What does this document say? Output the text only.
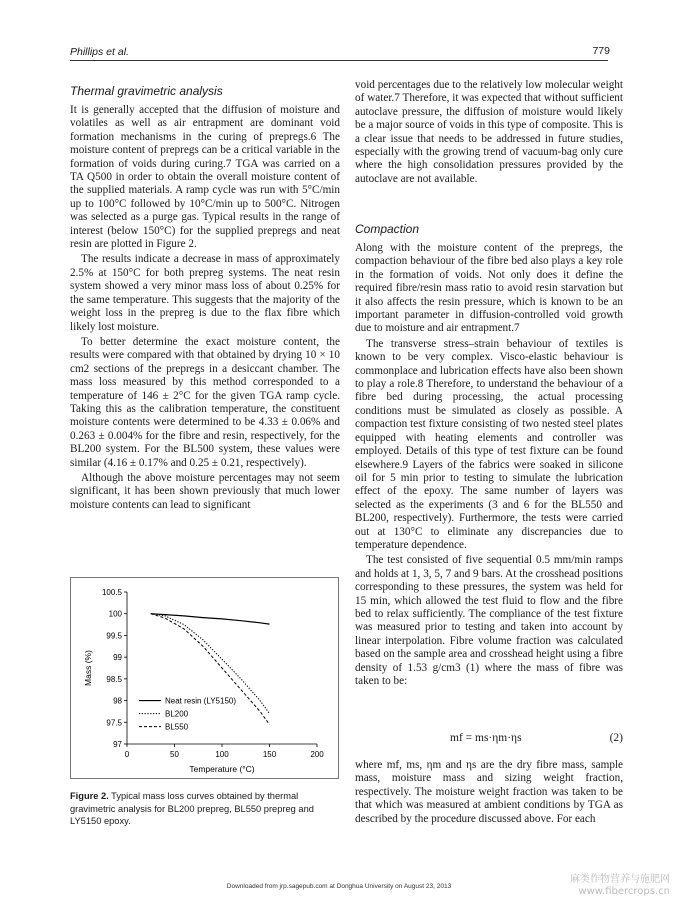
Phillips et al.	779
Thermal gravimetric analysis

It is generally accepted that the diffusion of moisture and volatiles as well as air entrapment are dominant void formation mechanisms in the curing of prepregs.6 The moisture content of prepregs can be a critical variable in the formation of voids during curing.7 TGA was carried on a TA Q500 in order to obtain the overall moisture content of the supplied materials. A ramp cycle was run with 5°C/min up to 100°C followed by 10°C/min up to 500°C. Nitrogen was selected as a purge gas. Typical results in the range of interest (below 150°C) for the supplied prepregs and neat resin are plotted in Figure 2.

The results indicate a decrease in mass of approximately 2.5% at 150°C for both prepreg systems. The neat resin system showed a very minor mass loss of about 0.25% for the same temperature. This suggests that the majority of the weight loss in the prepreg is due to the flax fibre which likely lost moisture.

To better determine the exact moisture content, the results were compared with that obtained by drying 10 × 10 cm2 sections of the prepregs in a desiccant chamber. The mass loss measured by this method corresponded to a temperature of 146 ± 2°C for the given TGA ramp cycle. Taking this as the calibration temperature, the constituent moisture contents were determined to be 4.33 ± 0.06% and 0.263 ± 0.004% for the fibre and resin, respectively, for the BL200 system. For the BL500 system, these values were similar (4.16 ± 0.17% and 0.25 ± 0.21, respectively).

Although the above moisture percentages may not seem significant, it has been shown previously that much lower moisture contents can lead to significant

0	50	100	150	200
97
97.5
98
98.5
99
99.5
100
100.5
Temperature (°C)
Mass (%)
Neat resin (LY5150)
BL200
BL550
Figure 2. Typical mass loss curves obtained by thermal gravimetric analysis for BL200 prepreg, BL550 prepreg and LY5150 epoxy.

void percentages due to the relatively low molecular weight of water.7 Therefore, it was expected that without sufficient autoclave pressure, the diffusion of moisture would likely be a major source of voids in this type of composite. This is a clear issue that needs to be addressed in future studies, especially with the growing trend of vacuum-bag only cure where the high consolidation pressures provided by the autoclave are not available.

Compaction

Along with the moisture content of the prepregs, the compaction behaviour of the fibre bed also plays a key role in the formation of voids. Not only does it define the required fibre/resin mass ratio to avoid resin starvation but it also affects the resin pressure, which is known to be an important parameter in diffusion-controlled void growth due to moisture and air entrapment.7

The transverse stress–strain behaviour of textiles is known to be very complex. Visco-elastic behaviour is commonplace and lubrication effects have also been shown to play a role.8 Therefore, to understand the behaviour of a fibre bed during processing, the actual processing conditions must be simulated as closely as possible. A compaction test fixture consisting of two nested steel plates equipped with heating elements and controller was employed. Details of this type of test fixture can be found elsewhere.9 Layers of the fabrics were soaked in silicone oil for 5 min prior to testing to simulate the lubrication effect of the epoxy. The same number of layers was selected as the experiments (3 and 6 for the BL550 and BL200, respectively). Furthermore, the tests were carried out at 130°C to eliminate any discrepancies due to temperature dependence.

The test consisted of five sequential 0.5 mm/min ramps and holds at 1, 3, 5, 7 and 9 bars. At the crosshead positions corresponding to these pressures, the system was held for 15 min, which allowed the test fluid to flow and the fibre bed to relax sufficiently. The compliance of the test fixture was measured prior to testing and taken into account by linear interpolation. Fibre volume fraction was calculated based on the sample area and crosshead height using a fibre density of 1.53 g/cm3 (1) where the mass of fibre was taken to be:

mf = ms·ηm·ηs	(2)

where mf, ms, ηm and ηs are the dry fibre mass, sample mass, moisture mass and sizing weight fraction, respectively. The moisture weight fraction was taken to be that which was measured at ambient conditions by TGA as described by the procedure discussed above. For each

Downloaded from jrp.sagepub.com at Donghua University on August 23, 2013
麻类作物营养与施肥网
www.fibercrops.cn
